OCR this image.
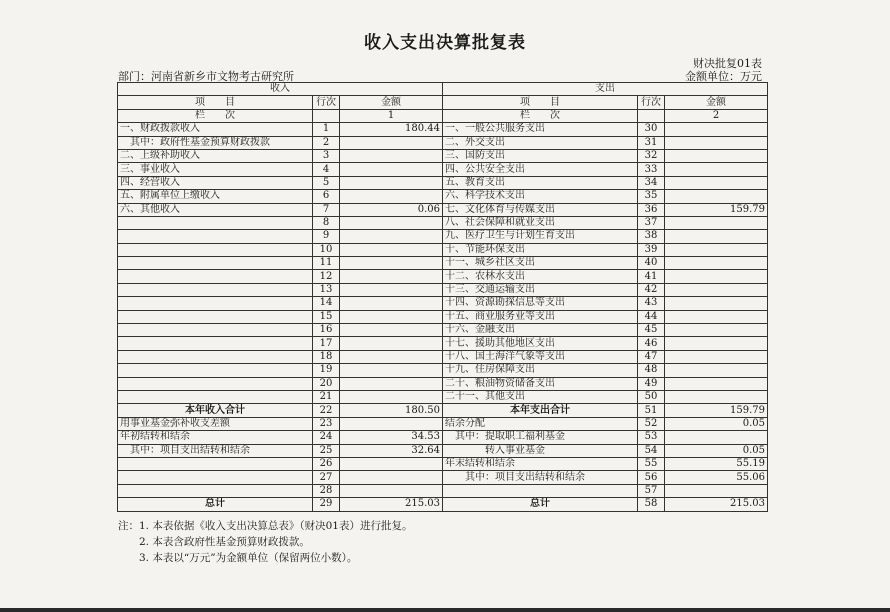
收入支出决算批复表
财决批复01表
部门：河南省新乡市文物考古研究所	金额单位：万元
收入			支出		
项　　目	行次	金额	项　　目	行次	金额
栏　　次		1	栏　　次		2
一、财政拨款收入	1	180.44	一、一般公共服务支出	30	
　其中：政府性基金预算财政拨款	2		二、外交支出	31	
二、上级补助收入	3		三、国防支出	32	
三、事业收入	4		四、公共安全支出	33	
四、经营收入	5		五、教育支出	34	
五、附属单位上缴收入	6		六、科学技术支出	35	
六、其他收入	7	0.06	七、文化体育与传媒支出	36	159.79
	8		八、社会保障和就业支出	37	
	9		九、医疗卫生与计划生育支出	38	
	10		十、节能环保支出	39	
	11		十一、城乡社区支出	40	
	12		十二、农林水支出	41	
	13		十三、交通运输支出	42	
	14		十四、资源勘探信息等支出	43	
	15		十五、商业服务业等支出	44	
	16		十六、金融支出	45	
	17		十七、援助其他地区支出	46	
	18		十八、国土海洋气象等支出	47	
	19		十九、住房保障支出	48	
	20		二十、粮油物资储备支出	49	
	21		二十一、其他支出	50	
本年收入合计	22	180.50	本年支出合计	51	159.79
用事业基金弥补收支差额	23		结余分配	52	0.05
年初结转和结余	24	34.53	　其中：提取职工福利基金	53	
　其中：项目支出结转和结余	25	32.64	　　　　转入事业基金	54	0.05
	26		年末结转和结余	55	55.19
	27		　　其中：项目支出结转和结余	56	55.06
	28			57	
总计	29	215.03	总计	58	215.03
注：1. 本表依据《收入支出决算总表》（财决01表）进行批复。
　　2. 本表含政府性基金预算财政拨款。
　　3. 本表以“万元”为金额单位（保留两位小数）。
